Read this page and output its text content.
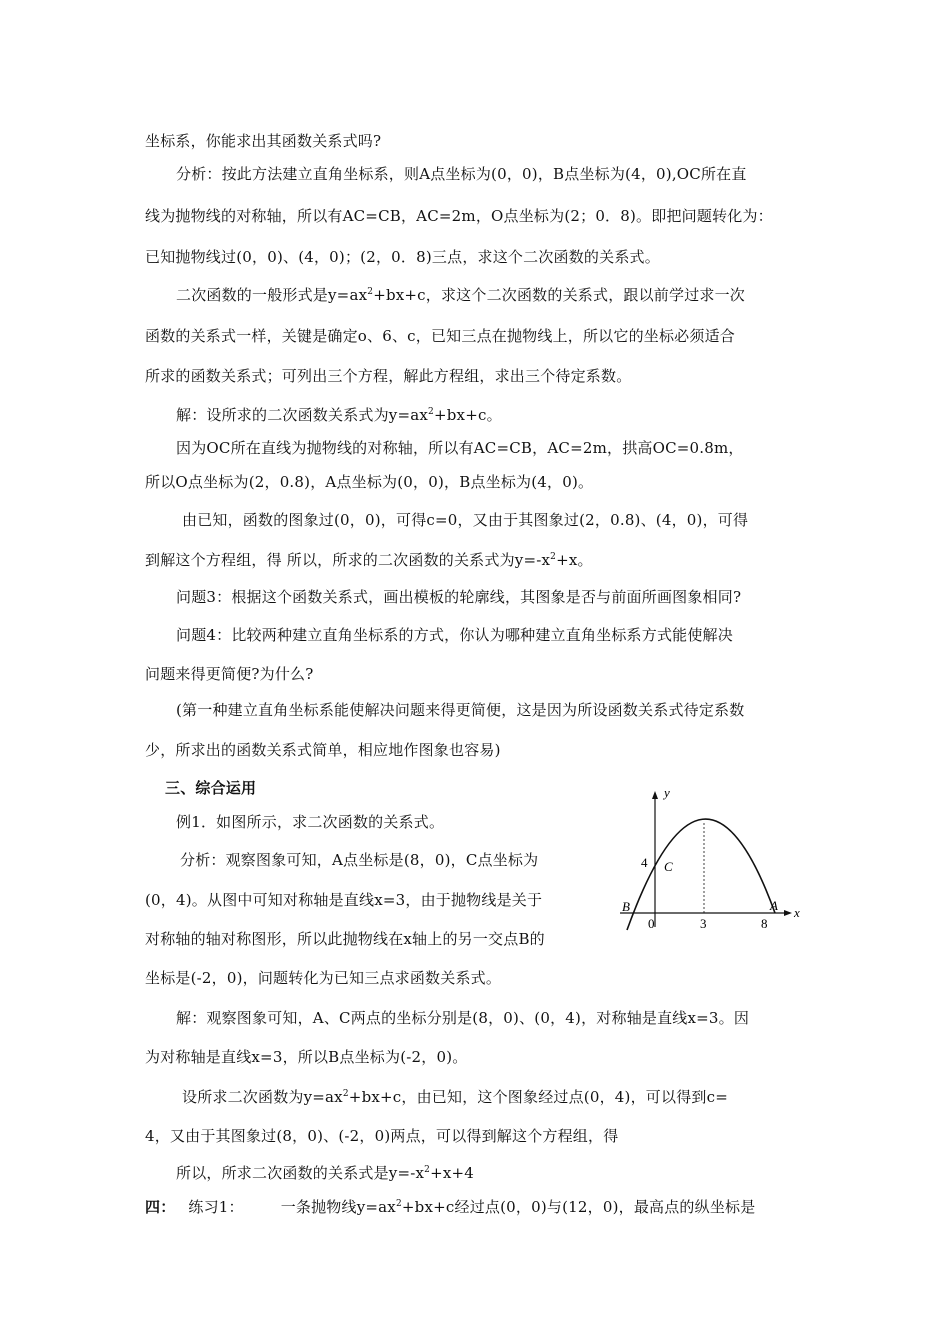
坐标系，你能求出其函数关系式吗?
分析：按此方法建立直角坐标系，则A点坐标为(0，0)，B点坐标为(4，0),OC所在直
线为抛物线的对称轴，所以有AC=CB，AC=2m，O点坐标为(2；0．8)。即把问题转化为：
已知抛物线过(0，0)、(4，0)；(2，0．8)三点，求这个二次函数的关系式。
二次函数的一般形式是$y=ax^2+bx+c$，求这个二次函数的关系式，跟以前学过求一次
函数的关系式一样，关键是确定o、6、c，已知三点在抛物线上，所以它的坐标必须适合
所求的函数关系式；可列出三个方程，解此方程组，求出三个待定系数。
解：设所求的二次函数关系式为$y=ax^2+bx+c$。
因为OC所在直线为抛物线的对称轴，所以有AC=CB，AC=2m，拱高OC=0.8m，
所以O点坐标为(2，0.8)，A点坐标为(0，0)，B点坐标为(4，0)。
由已知，函数的图象过(0，0)，可得c=0，又由于其图象过(2，0.8)、(4，0)，可得
到解这个方程组，得 所以，所求的二次函数的关系式为$y=-x^2+x$。
问题3：根据这个函数关系式，画出模板的轮廓线，其图象是否与前面所画图象相同?
问题4：比较两种建立直角坐标系的方式，你认为哪种建立直角坐标系方式能使解决
问题来得更简便?为什么?
(第一种建立直角坐标系能使解决问题来得更简便，这是因为所设函数关系式待定系数
少，所求出的函数关系式简单，相应地作图象也容易)
三、综合运用
例1．如图所示，求二次函数的关系式。
分析：观察图象可知，A点坐标是(8，0)，C点坐标为
(0，4)。从图中可知对称轴是直线x=3，由于抛物线是关于
对称轴的轴对称图形，所以此抛物线在x轴上的另一交点B的
坐标是(-2，0)，问题转化为已知三点求函数关系式。
解：观察图象可知，A、C两点的坐标分别是(8，0)、(0，4)，对称轴是直线x=3。因
为对称轴是直线x=3，所以B点坐标为(-2，0)。
设所求二次函数为$y=ax^2+bx+c$，由已知，这个图象经过点(0，4)，可以得到c=
4，又由于其图象过(8，0)、(-2，0)两点，可以得到解这个方程组，得
所以，所求二次函数的关系式是$y=-x^2+x+4$
四： 练习1： 一条抛物线$y=ax^2+bx+c$经过点(0，0)与(12，0)，最高点的纵坐标是
y
x
4 C
B
0	3	8
A
